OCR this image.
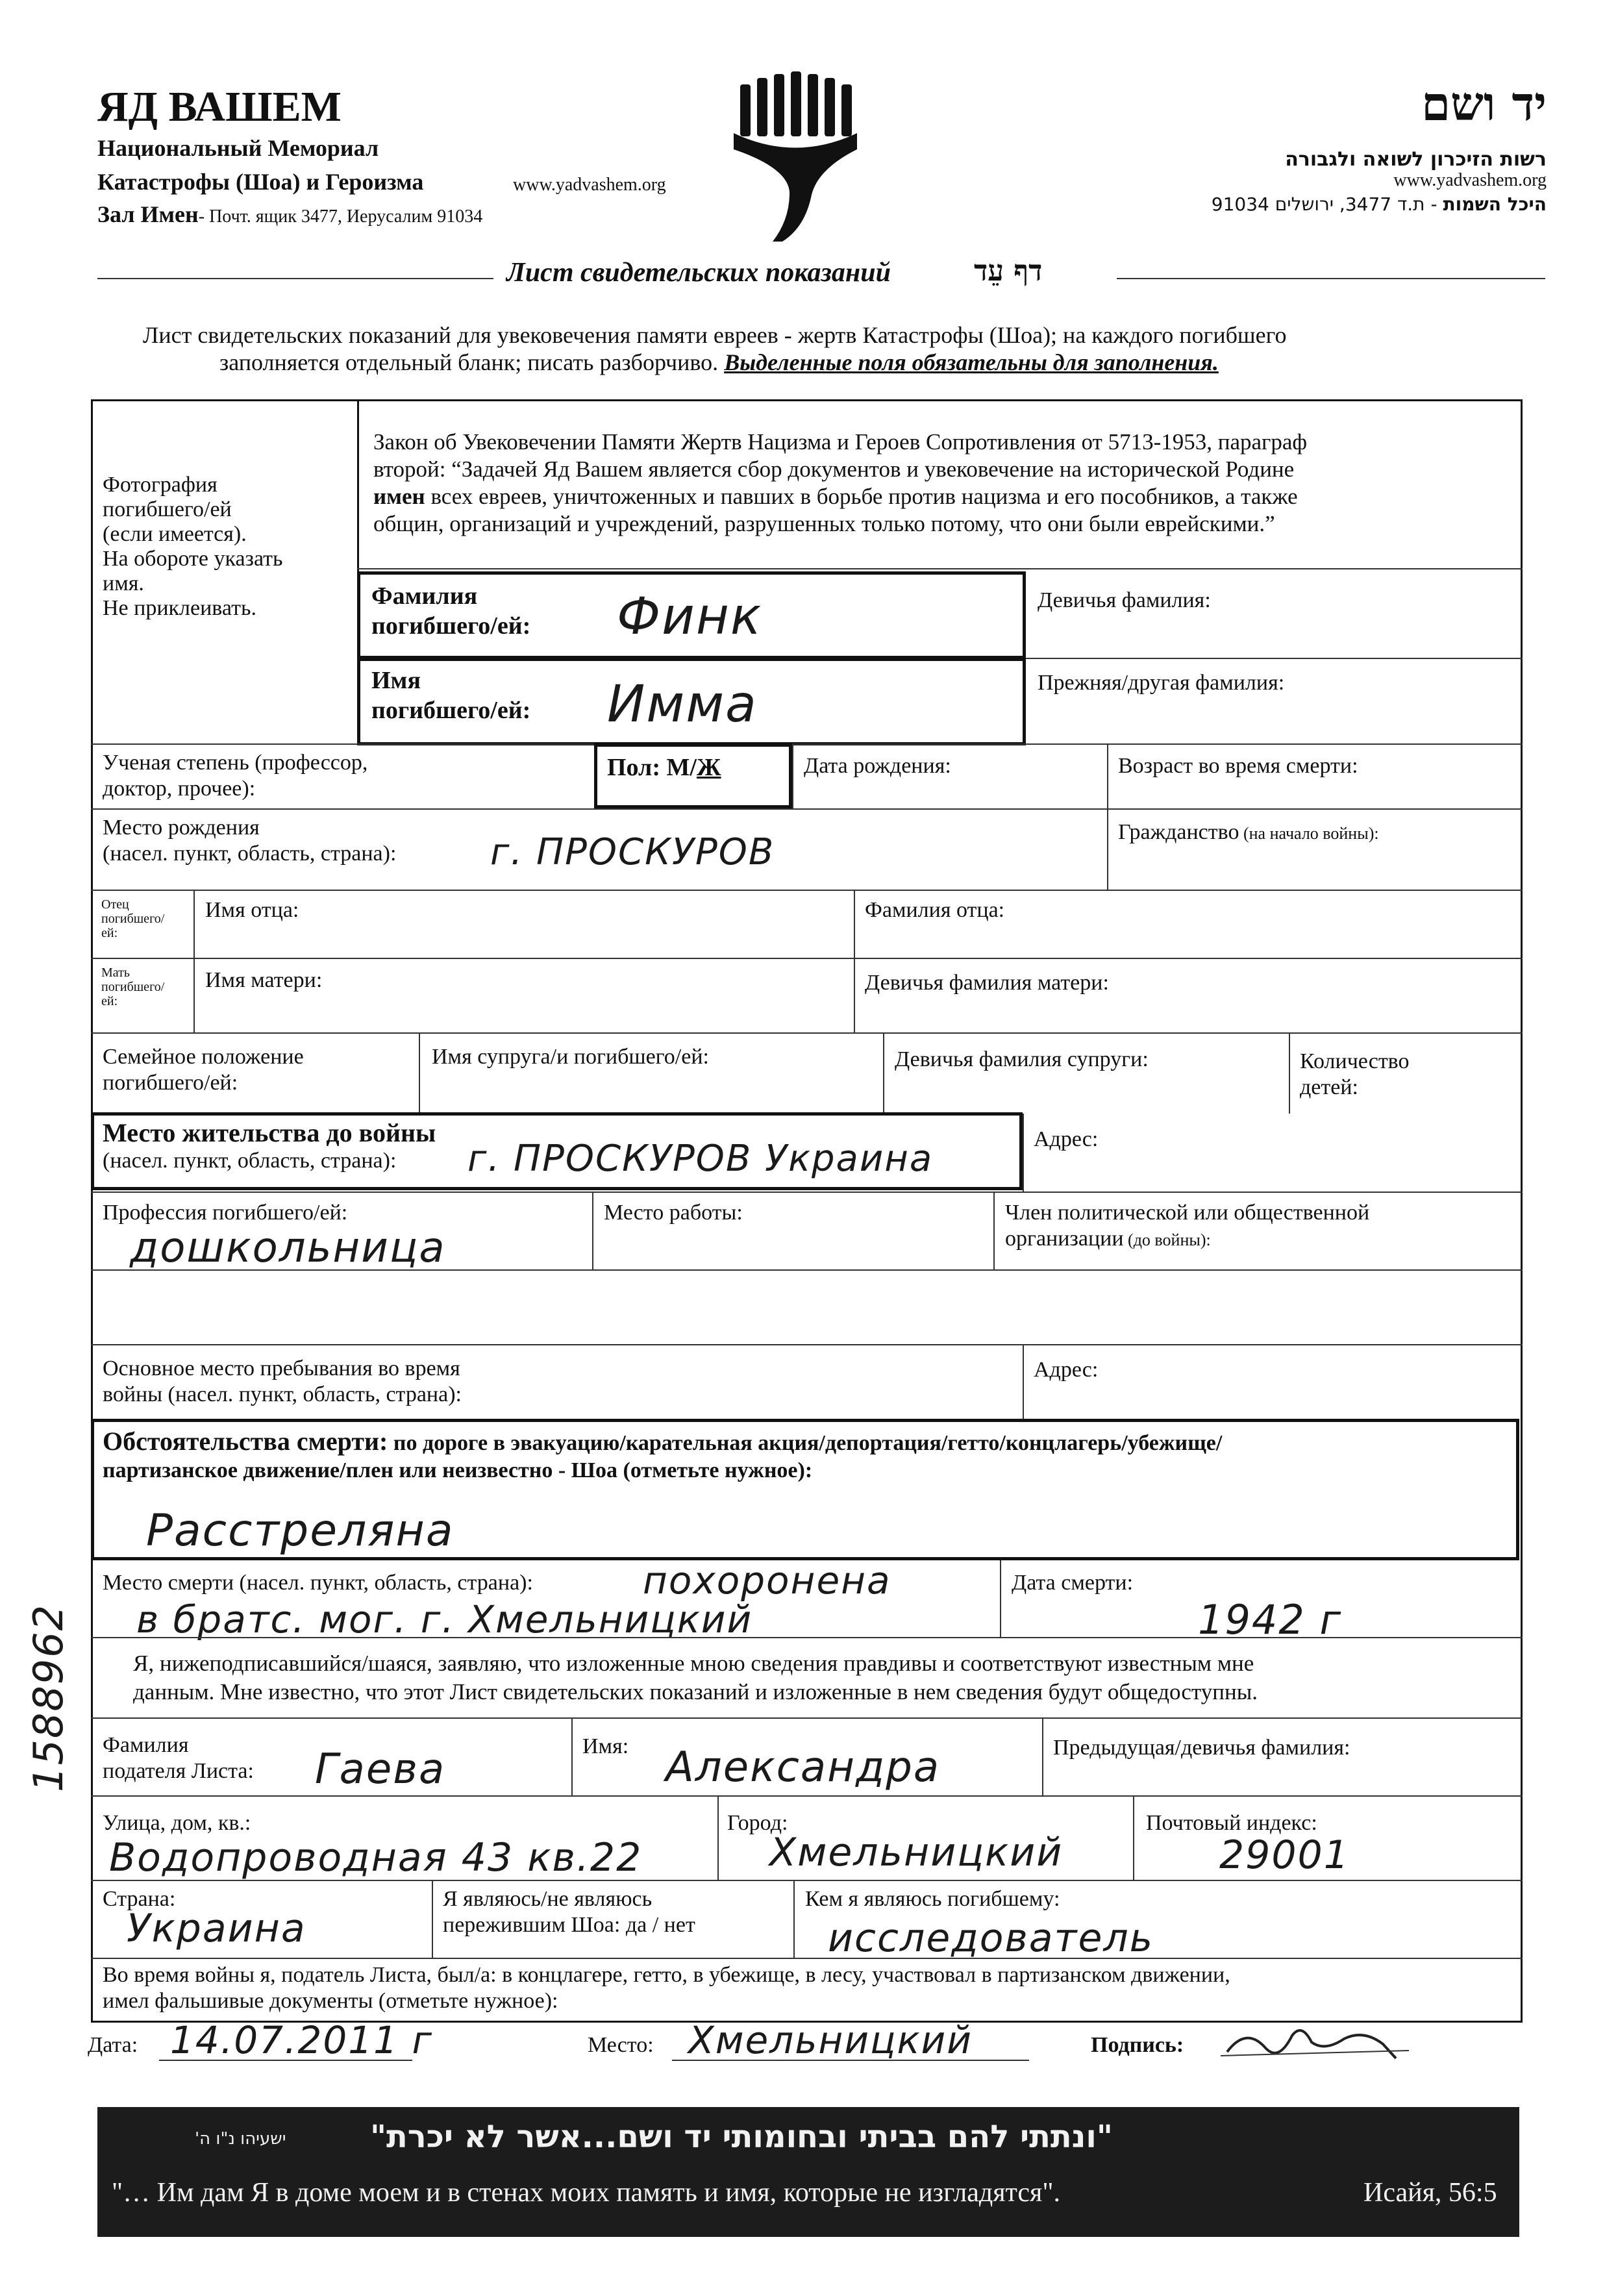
ЯД ВАШЕМ
Национальный Мемориал
Катастрофы (Шоа) и Героизма	www.yadvashem.org
Зал Имен- Почт. ящик 3477, Иерусалим 91034
יד ושם
רשות הזיכרון לשואה ולגבורה
www.yadvashem.org
היכל השמות - ת.ד 3477, ירושלים 91034
Лист свидетельских показаний	דף עֵד
Лист свидетельских показаний для увековечения памяти евреев - жертв Катастрофы (Шоа); на каждого погибшего
заполняется отдельный бланк; писать разборчиво. Выделенные поля обязательны для заполнения.
Фотография
погибшего/ей
(если имеется).
На обороте указать
имя.
Не приклеивать.
Закон об Увековечении Памяти Жертв Нацизма и Героев Сопротивления от 5713-1953, параграф
второй: “Задачей Яд Вашем является сбор документов и увековечение на исторической Родине
имен всех евреев, уничтоженных и павших в борьбе против нацизма и его пособников, а также
общин, организаций и учреждений, разрушенных только потому, что они были еврейскими.”
Фамилия
погибшего/ей: Финк	Девичья фамилия:
Имя
погибшего/ей: Имма	Прежняя/другая фамилия:
Ученая степень (профессор,
доктор, прочее):
Пол: М/Ж	Дата рождения:	Возраст во время смерти:
Место рождения
(насел. пункт, область, страна):	г. ПРОСКУРОВ	Гражданство (на начало войны):
Отец
погибшего/
ей:
Имя отца:	Фамилия отца:
Мать
погибшего/
ей:
Имя матери:	Девичья фамилия матери:
Семейное положение
погибшего/ей:
Имя супруга/и погибшего/ей:	Девичья фамилия супруги:	Количество
детей:
Место жительства до войны
(насел. пункт, область, страна):	г. ПРОСКУРОВ Украина	Адрес:
Профессия погибшего/ей:
дошкольница
Место работы:	Член политической или общественной
организации (до войны):
Основное место пребывания во время
войны (насел. пункт, область, страна):
Адрес:
Обстоятельства смерти: по дороге в эвакуацию/карательная акция/депортация/гетто/концлагерь/убежище/
партизанское движение/плен или неизвестно - Шоа (отметьте нужное):
Расстреляна
Место смерти (насел. пункт, область, страна):	похоронена
в братс. мог. г. Хмельницкий
Дата смерти:
1942 г
Я, нижеподписавшийся/шаяся, заявляю, что изложенные мною сведения правдивы и соответствуют известным мне
данным. Мне известно, что этот Лист свидетельских показаний и изложенные в нем сведения будут общедоступны.
Фамилия
подателя Листа: Гаева	Имя: Александра	Предыдущая/девичья фамилия:
Улица, дом, кв.:
Водопроводная 43 кв.22
Город:
Хмельницкий
Почтовый индекс:
29001
Страна:
Украина
Я являюсь/не являюсь
пережившим Шоа: да / нет
Кем я являюсь погибшему:
исследователь
Во время войны я, податель Листа, был/а: в концлагере, гетто, в убежище, в лесу, участвовал в партизанском движении,
имел фальшивые документы (отметьте нужное):
Дата: 14.07.2011 г	Место: Хмельницкий	Подпись:
1588962
"ונתתי להם בביתי ובחומותי יד ושם...אשר לא יכרת"
ישעיהו נ"ו ה'
"… Им дам Я в доме моем и в стенах моих память и имя, которые не изгладятся".	Исайя, 56:5
